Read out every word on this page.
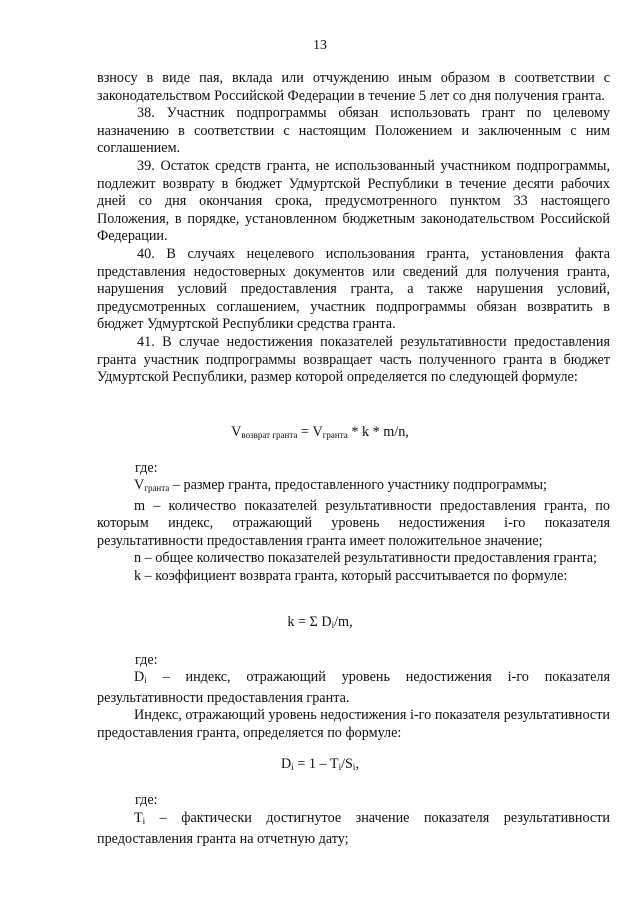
13

взносу в виде пая, вклада или отчуждению иным образом в соответствии с законодательством Российской Федерации в течение 5 лет со дня получения гранта.

38. Участник подпрограммы обязан использовать грант по целевому назначению в соответствии с настоящим Положением и заключенным с ним соглашением.

39. Остаток средств гранта, не использованный участником подпрограммы, подлежит возврату в бюджет Удмуртской Республики в течение десяти рабочих дней со дня окончания срока, предусмотренного пунктом 33 настоящего Положения, в порядке, установленном бюджетным законодательством Российской Федерации.

40. В случаях нецелевого использования гранта, установления факта представления недостоверных документов или сведений для получения гранта, нарушения условий предоставления гранта, а также нарушения условий, предусмотренных соглашением, участник подпрограммы обязан возвратить в бюджет Удмуртской Республики средства гранта.

41. В случае недостижения показателей результативности предоставления гранта участник подпрограммы возвращает часть полученного гранта в бюджет Удмуртской Республики, размер которой определяется по следующей формуле:

$V_{возврат гранта} = V_{гранта} * k * m/n$,
где:

$V_{гранта}$ – размер гранта, предоставленного участнику подпрограммы;

m – количество показателей результативности предоставления гранта, по которым индекс, отражающий уровень недостижения i-го показателя результативности предоставления гранта имеет положительное значение;

n – общее количество показателей результативности предоставления гранта;

k – коэффициент возврата гранта, который рассчитывается по формуле:

k = Σ $D_i/m$,
где:

$D_i$ – индекс, отражающий уровень недостижения i-го показателя результативности предоставления гранта.

Индекс, отражающий уровень недостижения i-го показателя результативности предоставления гранта, определяется по формуле:

$D_i = 1 - T_i/S_i$,
где:

$T_i$ – фактически достигнутое значение показателя результативности предоставления гранта на отчетную дату;
